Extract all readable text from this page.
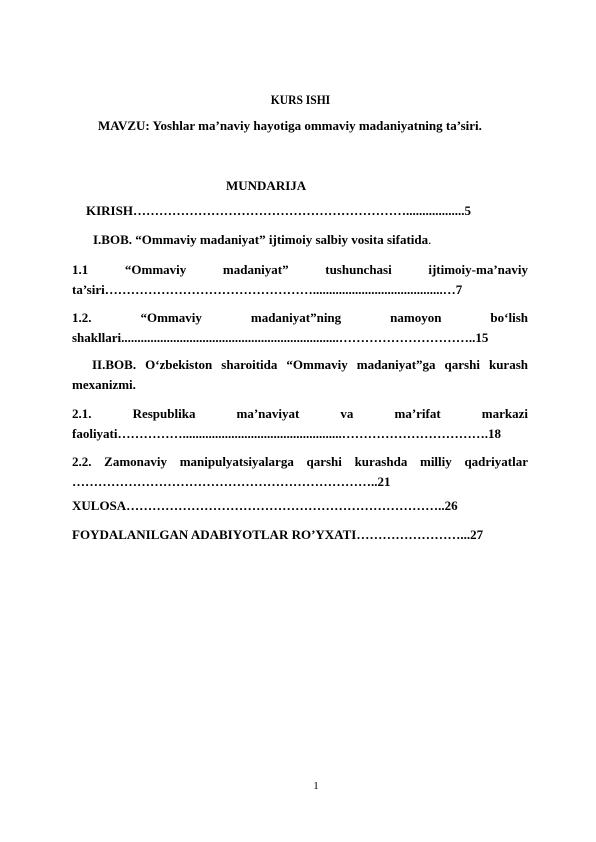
KURS ISHI
MAVZU: Yoshlar ma’naviy hayotiga ommaviy madaniyatning ta’siri.
MUNDARIJA
KIRISH………………………………………………………..................5
I.BOB. “Ommaviy madaniyat” ijtimoiy salbiy vosita sifatida.
1.1 “Ommaviy madaniyat” tushunchasi ijtimoiy-ma’naviy
ta’siri…………………………………………........................................…7
1.2. “Ommaviy madaniyat”ning namoyon bo‘lish
shakllari...................................................................…………………………..15
II.BOB. O‘zbekiston sharoitida “Ommaviy madaniyat”ga qarshi kurash
mexanizmi.
2.1. Respublika ma’naviyat va ma’rifat markazi
faoliyati…………….................................................…………………………….18
2.2. Zamonaviy manipulyatsiyalarga qarshi kurashda milliy qadriyatlar
……………………………………………………………..21
XULOSA………………………………………………………………..26
FOYDALANILGAN ADABIYOTLAR RO’YXATI……………………...27
1
